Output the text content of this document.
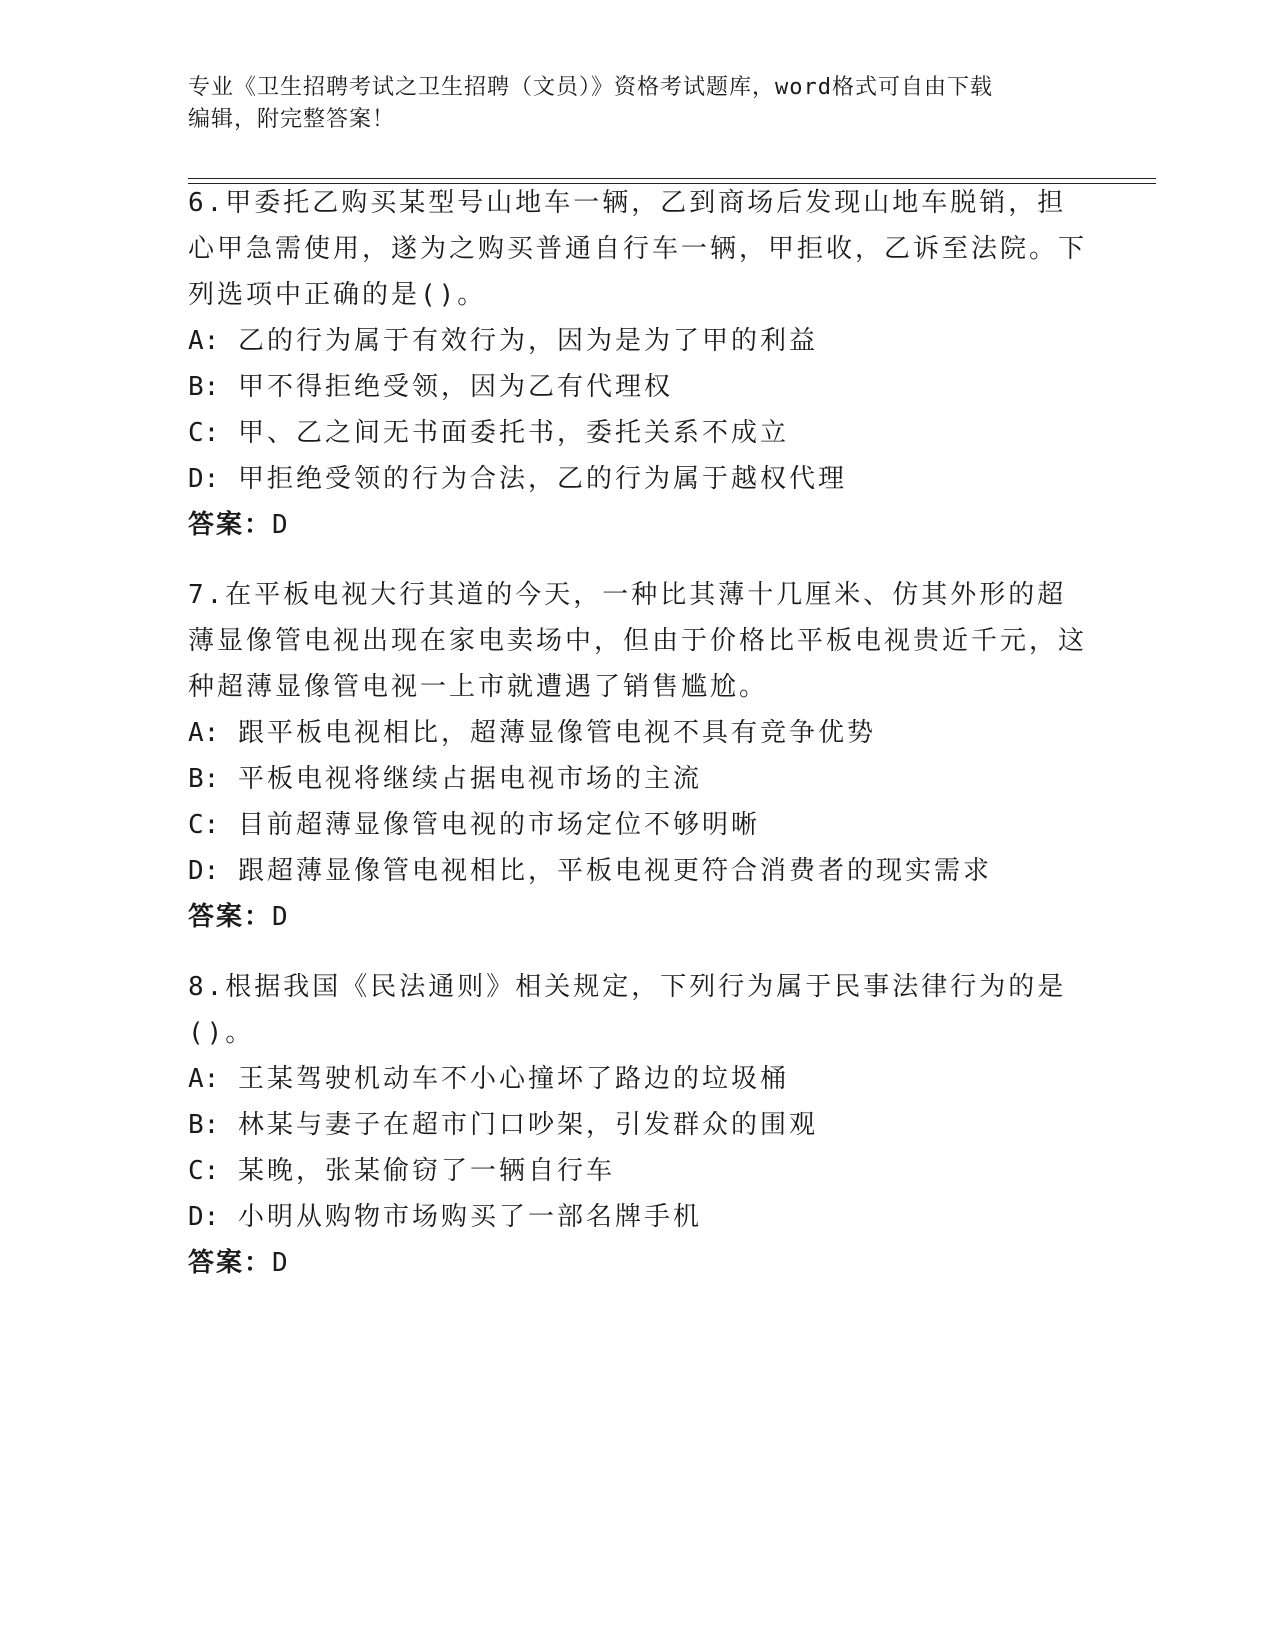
专业《卫生招聘考试之卫生招聘（文员）》资格考试题库，word格式可自由下载
编辑，附完整答案！
6.甲委托乙购买某型号山地车一辆，乙到商场后发现山地车脱销，担心甲急需使用，遂为之购买普通自行车一辆，甲拒收，乙诉至法院。下列选项中正确的是()。
A: 乙的行为属于有效行为，因为是为了甲的利益
B: 甲不得拒绝受领，因为乙有代理权
C: 甲、乙之间无书面委托书，委托关系不成立
D: 甲拒绝受领的行为合法，乙的行为属于越权代理
答案：D
7.在平板电视大行其道的今天，一种比其薄十几厘米、仿其外形的超薄显像管电视出现在家电卖场中，但由于价格比平板电视贵近千元，这种超薄显像管电视一上市就遭遇了销售尴尬。
A: 跟平板电视相比，超薄显像管电视不具有竞争优势
B: 平板电视将继续占据电视市场的主流
C: 目前超薄显像管电视的市场定位不够明晰
D: 跟超薄显像管电视相比，平板电视更符合消费者的现实需求
答案：D
8.根据我国《民法通则》相关规定，下列行为属于民事法律行为的是()。
A: 王某驾驶机动车不小心撞坏了路边的垃圾桶
B: 林某与妻子在超市门口吵架，引发群众的围观
C: 某晚，张某偷窃了一辆自行车
D: 小明从购物市场购买了一部名牌手机
答案：D
